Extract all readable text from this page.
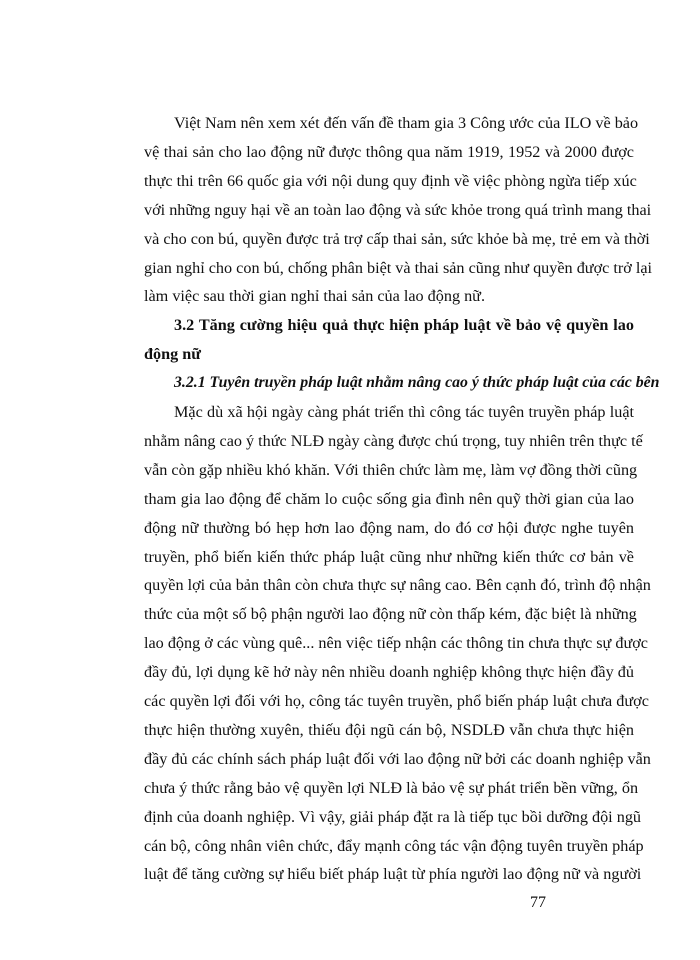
Việt Nam nên xem xét đến vấn đề tham gia 3 Công ước của ILO về bảo
vệ thai sản cho lao động nữ được thông qua năm 1919, 1952 và 2000 được
thực thi trên 66 quốc gia với nội dung quy định về việc phòng ngừa tiếp xúc
với những nguy hại về an toàn lao động và sức khỏe trong quá trình mang thai
và cho con bú, quyền được trả trợ cấp thai sản, sức khỏe bà mẹ, trẻ em và thời
gian nghỉ cho con bú, chống phân biệt và thai sản cũng như quyền được trở lại
làm việc sau thời gian nghỉ thai sản của lao động nữ.
3.2 Tăng cường hiệu quả thực hiện pháp luật về bảo vệ quyền lao
động nữ
3.2.1 Tuyên truyền pháp luật nhằm nâng cao ý thức pháp luật của các bên
Mặc dù xã hội ngày càng phát triển thì công tác tuyên truyền pháp luật
nhằm nâng cao ý thức NLĐ ngày càng được chú trọng, tuy nhiên trên thực tế
vẫn còn gặp nhiều khó khăn. Với thiên chức làm mẹ, làm vợ đồng thời cũng
tham gia lao động để chăm lo cuộc sống gia đình nên quỹ thời gian của lao
động nữ thường bó hẹp hơn lao động nam, do đó cơ hội được nghe tuyên
truyền, phổ biến kiến thức pháp luật cũng như những kiến thức cơ bản về
quyền lợi của bản thân còn chưa thực sự nâng cao. Bên cạnh đó, trình độ nhận
thức của một số bộ phận người lao động nữ còn thấp kém, đặc biệt là những
lao động ở các vùng quê... nên việc tiếp nhận các thông tin chưa thực sự được
đầy đủ, lợi dụng kẽ hở này nên nhiều doanh nghiệp không thực hiện đầy đủ
các quyền lợi đối với họ, công tác tuyên truyền, phổ biến pháp luật chưa được
thực hiện thường xuyên, thiếu đội ngũ cán bộ, NSDLĐ vẫn chưa thực hiện
đầy đủ các chính sách pháp luật đối với lao động nữ bởi các doanh nghiệp vẫn
chưa ý thức rằng bảo vệ quyền lợi NLĐ là bảo vệ sự phát triển bền vững, ổn
định của doanh nghiệp. Vì vậy, giải pháp đặt ra là tiếp tục bồi dưỡng đội ngũ
cán bộ, công nhân viên chức, đẩy mạnh công tác vận động tuyên truyền pháp
luật để tăng cường sự hiểu biết pháp luật từ phía người lao động nữ và người
77
